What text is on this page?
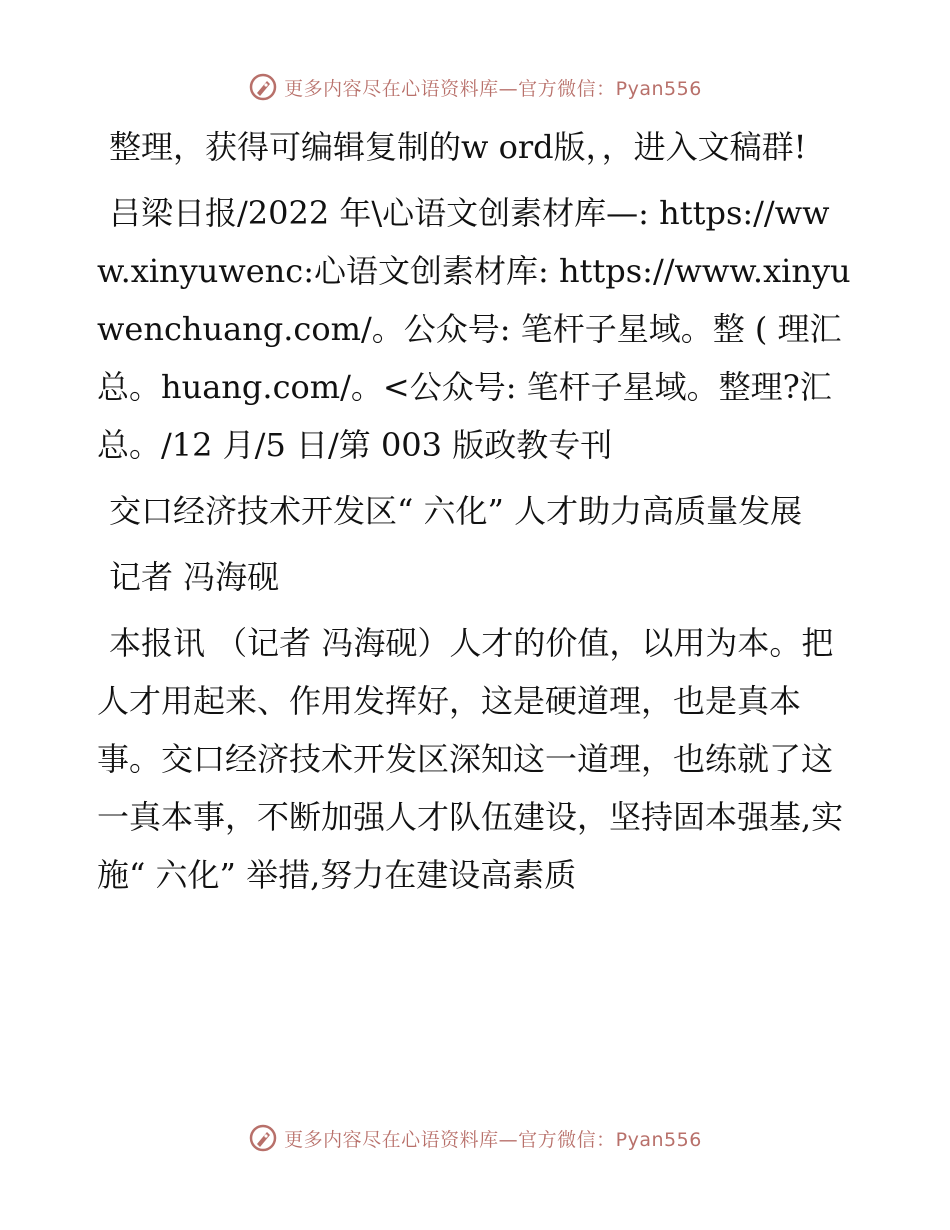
更多内容尽在心语资料库—官方微信：Pyan556

整理，获得可编辑复制的w ord版，，进入文稿群!

吕梁日报/2022 年\心语文创素材库—: https://www.xinyuwenc:心语文创素材库: https://www.xinyuwenchuang.com/。公众号: 笔杆子星域。整 ( 理汇总。huang.com/。<公众号: 笔杆子星域。整理?汇总。/12 月/5 日/第 003 版政教专刊

交口经济技术开发区“ 六化” 人才助力高质量发展

记者 冯海砚

本报讯 （记者 冯海砚）人才的价值，以用为本。把人才用起来、作用发挥好，这是硬道理，也是真本事。交口经济技术开发区深知这一道理，也练就了这一真本事，不断加强人才队伍建设，坚持固本强基,实施“ 六化” 举措,努力在建设高素质

更多内容尽在心语资料库—官方微信：Pyan556
